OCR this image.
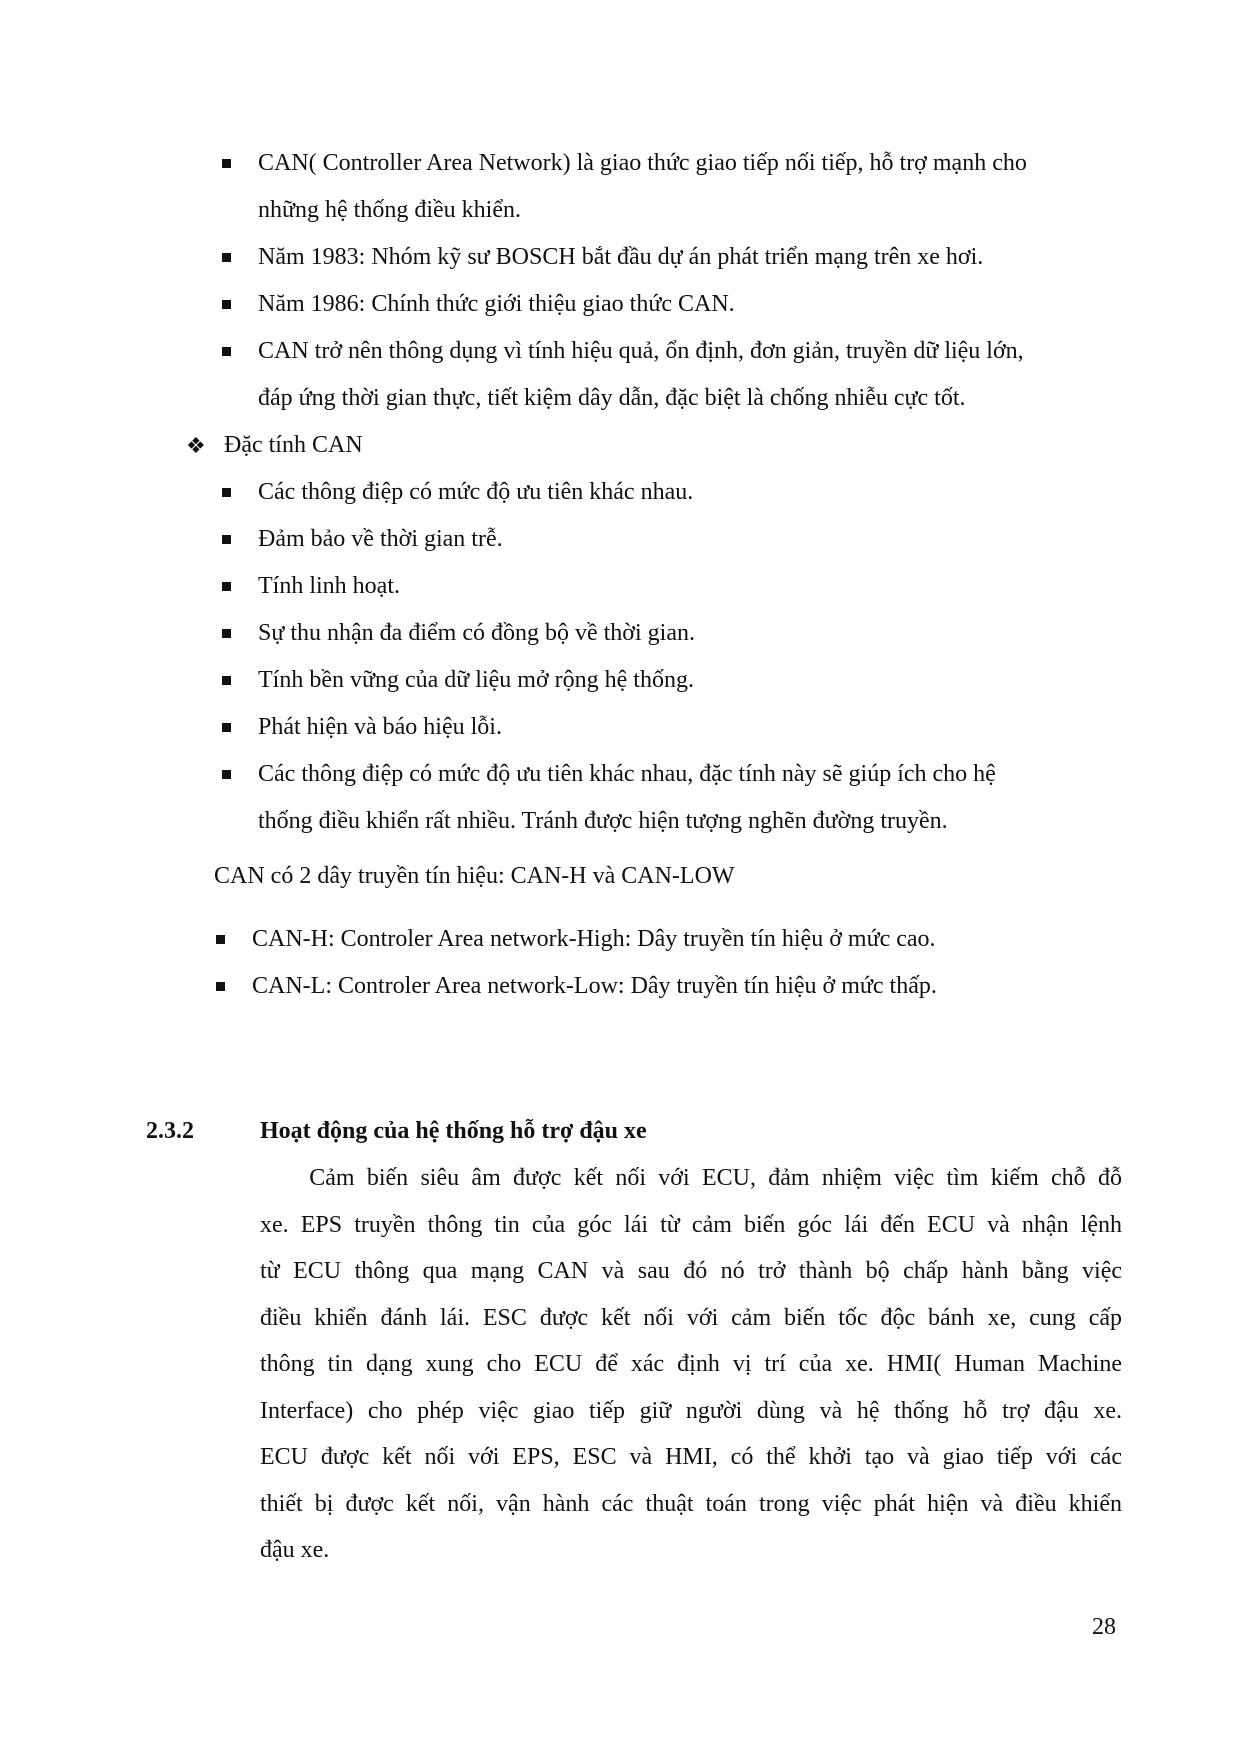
CAN( Controller Area Network) là giao thức giao tiếp nối tiếp, hỗ trợ mạnh cho
những hệ thống điều khiển.
Năm 1983: Nhóm kỹ sư BOSCH bắt đầu dự án phát triển mạng trên xe hơi.
Năm 1986: Chính thức giới thiệu giao thức CAN.
CAN trở nên thông dụng vì tính hiệu quả, ổn định, đơn giản, truyền dữ liệu lớn,
đáp ứng thời gian thực, tiết kiệm dây dẫn, đặc biệt là chống nhiễu cực tốt.
❖ Đặc tính CAN
Các thông điệp có mức độ ưu tiên khác nhau.
Đảm bảo về thời gian trễ.
Tính linh hoạt.
Sự thu nhận đa điểm có đồng bộ về thời gian.
Tính bền vững của dữ liệu mở rộng hệ thống.
Phát hiện và báo hiệu lỗi.
Các thông điệp có mức độ ưu tiên khác nhau, đặc tính này sẽ giúp ích cho hệ
thống điều khiển rất nhiều. Tránh được hiện tượng nghẽn đường truyền.
CAN có 2 dây truyền tín hiệu: CAN-H và CAN-LOW
CAN-H: Controler Area network-High: Dây truyền tín hiệu ở mức cao.
CAN-L: Controler Area network-Low: Dây truyền tín hiệu ở mức thấp.
2.3.2	Hoạt động của hệ thống hỗ trợ đậu xe
Cảm biến siêu âm được kết nối với ECU, đảm nhiệm việc tìm kiếm chỗ đỗ
xe. EPS truyền thông tin của góc lái từ cảm biến góc lái đến ECU và nhận lệnh
từ ECU thông qua mạng CAN và sau đó nó trở thành bộ chấp hành bằng việc
điều khiển đánh lái. ESC được kết nối với cảm biến tốc độc bánh xe, cung cấp
thông tin dạng xung cho ECU để xác định vị trí của xe. HMI( Human Machine
Interface) cho phép việc giao tiếp giữ người dùng và hệ thống hỗ trợ đậu xe.
ECU được kết nối với EPS, ESC và HMI, có thể khởi tạo và giao tiếp với các
thiết bị được kết nối, vận hành các thuật toán trong việc phát hiện và điều khiển
đậu xe.
28
